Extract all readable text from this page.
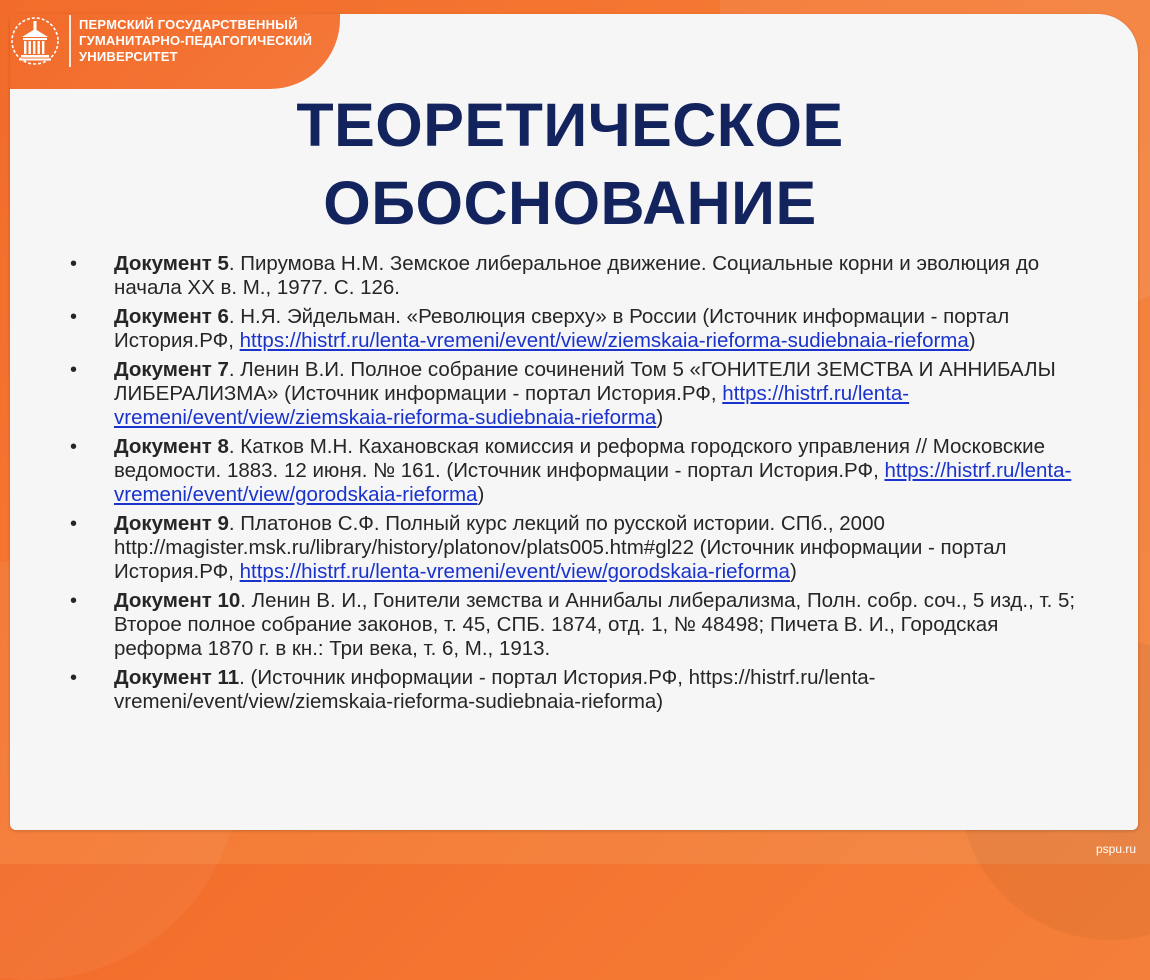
ПЕРМСКИЙ ГОСУДАРСТВЕННЫЙ
ГУМАНИТАРНО-ПЕДАГОГИЧЕСКИЙ
УНИВЕРСИТЕТ
ТЕОРЕТИЧЕСКОЕ
ОБОСНОВАНИЕ
• Документ 5. Пирумова Н.М. Земское либеральное движение. Социальные корни и эволюция до начала XX в. М., 1977. С. 126.
• Документ 6. Н.Я. Эйдельман. «Революция сверху» в России (Источник информации - портал История.РФ, https://histrf.ru/lenta-vremeni/event/view/ziemskaia-rieforma-sudiebnaia-rieforma)
• Документ 7. Ленин В.И. Полное собрание сочинений Том 5 «ГОНИТЕЛИ ЗЕМСТВА И АННИБАЛЫ ЛИБЕРАЛИЗМА» (Источник информации - портал История.РФ, https://histrf.ru/lenta-vremeni/event/view/ziemskaia-rieforma-sudiebnaia-rieforma)
• Документ 8. Катков М.Н. Кахановская комиссия и реформа городского управления // Московские ведомости. 1883. 12 июня. № 161. (Источник информации - портал История.РФ, https://histrf.ru/lenta-vremeni/event/view/gorodskaia-rieforma)
• Документ 9. Платонов С.Ф. Полный курс лекций по русской истории. СПб., 2000 http://magister.msk.ru/library/history/platonov/plats005.htm#gl22 (Источник информации - портал История.РФ, https://histrf.ru/lenta-vremeni/event/view/gorodskaia-rieforma)
• Документ 10. Ленин В. И., Гонители земства и Аннибалы либерализма, Полн. собр. соч., 5 изд., т. 5; Второе полное собрание законов, т. 45, СПБ. 1874, отд. 1, № 48498; Пичета В. И., Городская реформа 1870 г. в кн.: Три века, т. 6, М., 1913.
• Документ 11. (Источник информации - портал История.РФ, https://histrf.ru/lenta-vremeni/event/view/ziemskaia-rieforma-sudiebnaia-rieforma)
pspu.ru
